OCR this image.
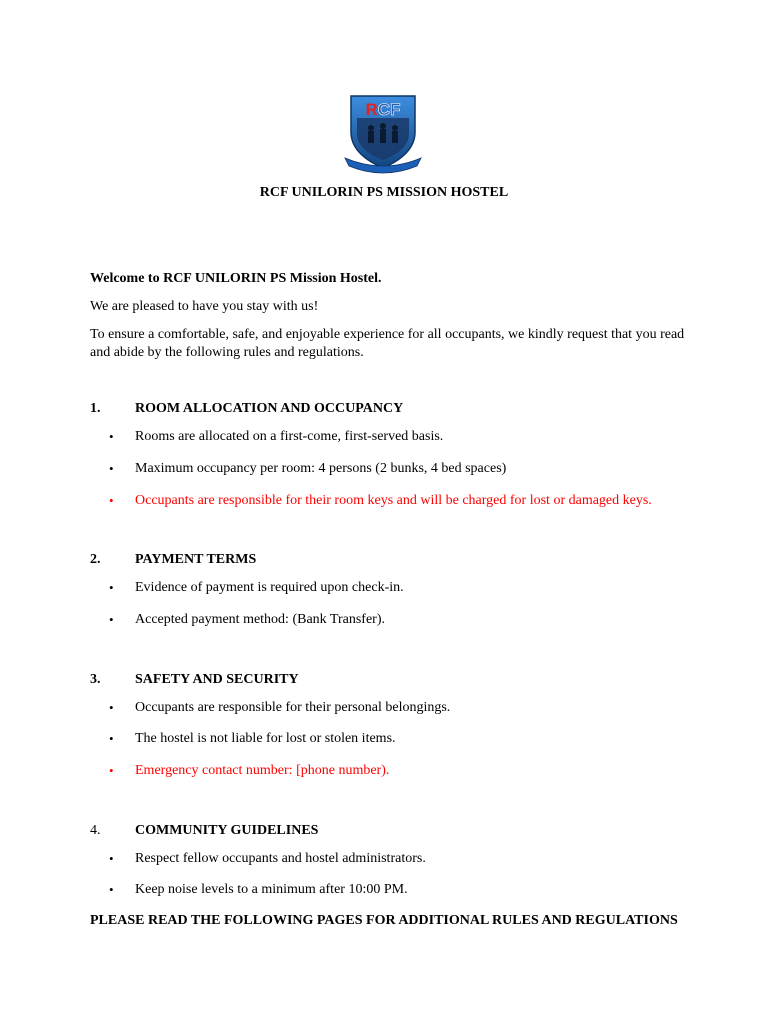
RCF
RCF UNILORIN PS MISSION HOSTEL
Welcome to RCF UNILORIN PS Mission Hostel.
We are pleased to have you stay with us!
To ensure a comfortable, safe, and enjoyable experience for all occupants, we kindly request that you read and abide by the following rules and regulations.
1. ROOM ALLOCATION AND OCCUPANCY
•	Rooms are allocated on a first-come, first-served basis.
•	Maximum occupancy per room: 4 persons (2 bunks, 4 bed spaces)
•	Occupants are responsible for their room keys and will be charged for lost or damaged keys.
2. PAYMENT TERMS
•	Evidence of payment is required upon check-in.
•	Accepted payment method: (Bank Transfer).
3. SAFETY AND SECURITY
•	Occupants are responsible for their personal belongings.
•	The hostel is not liable for lost or stolen items.
•	Emergency contact number: [phone number).
4. COMMUNITY GUIDELINES
•	Respect fellow occupants and hostel administrators.
•	Keep noise levels to a minimum after 10:00 PM.
PLEASE READ THE FOLLOWING PAGES FOR ADDITIONAL RULES AND REGULATIONS
